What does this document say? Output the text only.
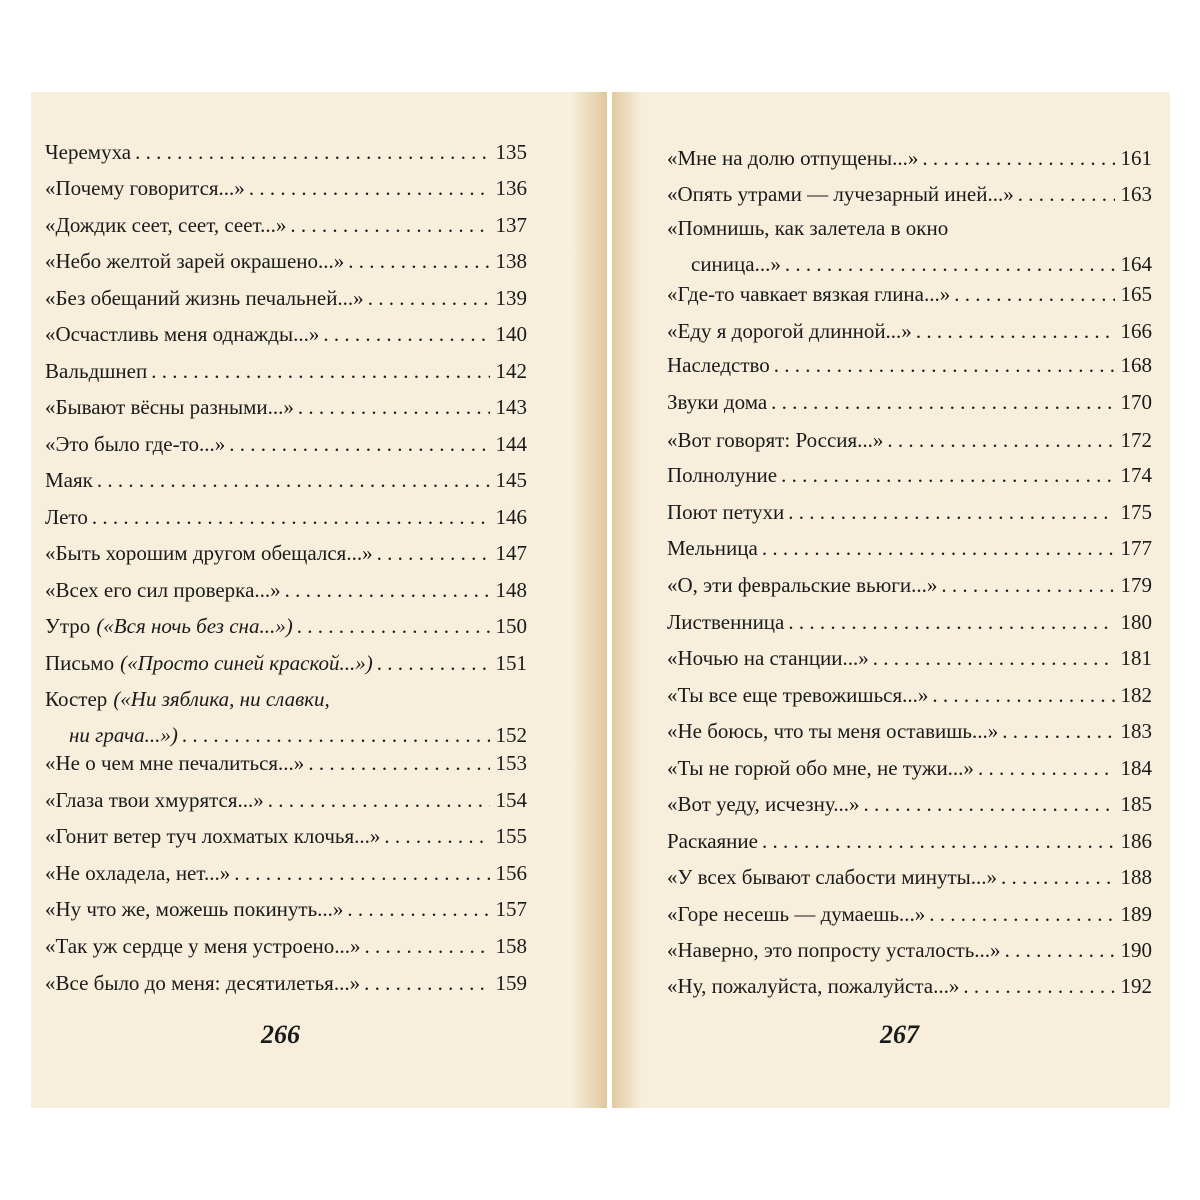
Черемуха . . .	135
«Почему говорится...» . . .	136
«Дождик сеет, сеет, сеет...» . . .	137
«Небо желтой зарей окрашено...» . . .	138
«Без обещаний жизнь печальней...» . . .	139
«Осчастливь меня однажды...» . . .	140
Вальдшнеп . . .	142
«Бывают вёсны разными...» . . .	143
«Это было где-то...» . . .	144
Маяк . . .	145
Лето . . .	146
«Быть хорошим другом обещался...» . . .	147
«Всех его сил проверка...» . . .	148
Утро («Вся ночь без сна...») . . .	150
Письмо («Просто синей краской...») . . .	151
Костер («Ни зяблика, ни славки,
ни грача...») . . .	152
«Не о чем мне печалиться...» . . .	153
«Глаза твои хмурятся...» . . .	154
«Гонит ветер туч лохматых клочья...» . . .	155
«Не охладела, нет...» . . .	156
«Ну что же, можешь покинуть...» . . .	157
«Так уж сердце у меня устроено...» . . .	158
«Все было до меня: десятилетья...» . . .	159
266
«Мне на долю отпущены...» . . .	161
«Опять утрами — лучезарный иней...» . . .	163
«Помнишь, как залетела в окно
синица...» . . .	164
«Где-то чавкает вязкая глина...» . . .	165
«Еду я дорогой длинной...» . . .	166
Наследство . . .	168
Звуки дома . . .	170
«Вот говорят: Россия...» . . .	172
Полнолуние . . .	174
Поют петухи . . .	175
Мельница . . .	177
«О, эти февральские вьюги...» . . .	179
Лиственница . . .	180
«Ночью на станции...» . . .	181
«Ты все еще тревожишься...» . . .	182
«Не боюсь, что ты меня оставишь...» . . .	183
«Ты не горюй обо мне, не тужи...» . . .	184
«Вот уеду, исчезну...» . . .	185
Раскаяние . . .	186
«У всех бывают слабости минуты...» . . .	188
«Горе несешь — думаешь...» . . .	189
«Наверно, это попросту усталость...» . . .	190
«Ну, пожалуйста, пожалуйста...» . . .	192
267
